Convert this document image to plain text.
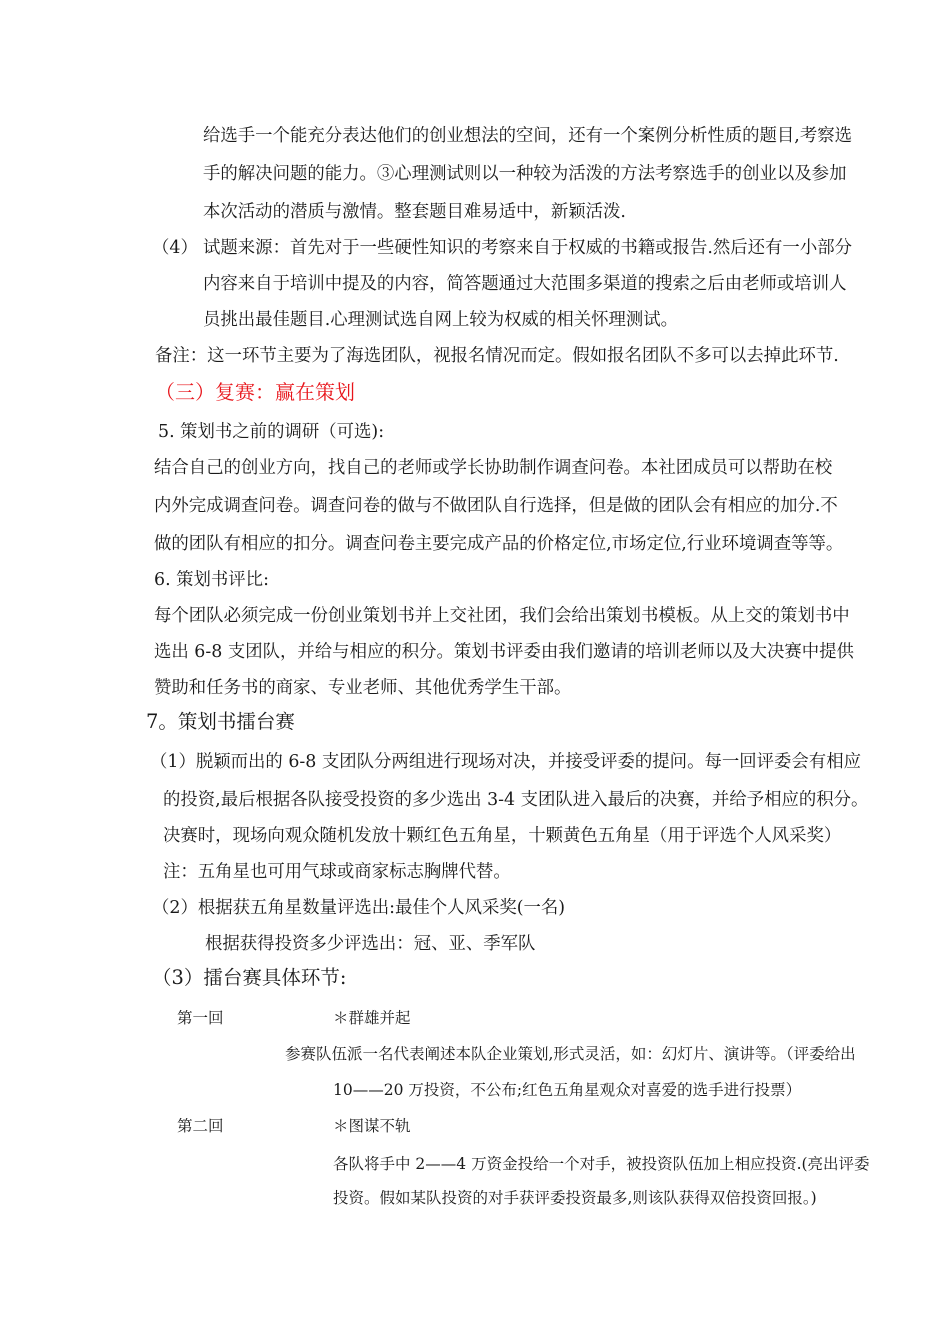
给选手一个能充分表达他们的创业想法的空间，还有一个案例分析性质的题目,考察选
手的解决问题的能力。③心理测试则以一种较为活泼的方法考察选手的创业以及参加
本次活动的潜质与激情。整套题目难易适中，新颖活泼.
（4） 试题来源：首先对于一些硬性知识的考察来自于权威的书籍或报告.然后还有一小部分
内容来自于培训中提及的内容，简答题通过大范围多渠道的搜索之后由老师或培训人
员挑出最佳题目.心理测试选自网上较为权威的相关怀理测试。
备注：这一环节主要为了海选团队，视报名情况而定。假如报名团队不多可以去掉此环节.
（三）复赛：赢在策划
5. 策划书之前的调研（可选):
结合自己的创业方向，找自己的老师或学长协助制作调查问卷。本社团成员可以帮助在校
内外完成调查问卷。调查问卷的做与不做团队自行选择，但是做的团队会有相应的加分.不
做的团队有相应的扣分。调查问卷主要完成产品的价格定位,市场定位,行业环境调查等等。
6. 策划书评比:
每个团队必须完成一份创业策划书并上交社团，我们会给出策划书模板。从上交的策划书中
选出 6-8 支团队，并给与相应的积分。策划书评委由我们邀请的培训老师以及大决赛中提供
赞助和任务书的商家、专业老师、其他优秀学生干部。
7。策划书擂台赛
（1）脱颖而出的 6-8 支团队分两组进行现场对决，并接受评委的提问。每一回评委会有相应
的投资,最后根据各队接受投资的多少选出 3-4 支团队进入最后的决赛，并给予相应的积分。
决赛时，现场向观众随机发放十颗红色五角星，十颗黄色五角星（用于评选个人风采奖）
注：五角星也可用气球或商家标志胸牌代替。
（2）根据获五角星数量评选出:最佳个人风采奖(一名)
根据获得投资多少评选出：冠、亚、季军队
（3）擂台赛具体环节:
第一回	＊群雄并起
参赛队伍派一名代表阐述本队企业策划,形式灵活，如：幻灯片、演讲等。（评委给出
10——20 万投资，不公布;红色五角星观众对喜爱的选手进行投票）
第二回	＊图谋不轨
各队将手中 2——4 万资金投给一个对手，被投资队伍加上相应投资.(亮出评委
投资。假如某队投资的对手获评委投资最多,则该队获得双倍投资回报。)
